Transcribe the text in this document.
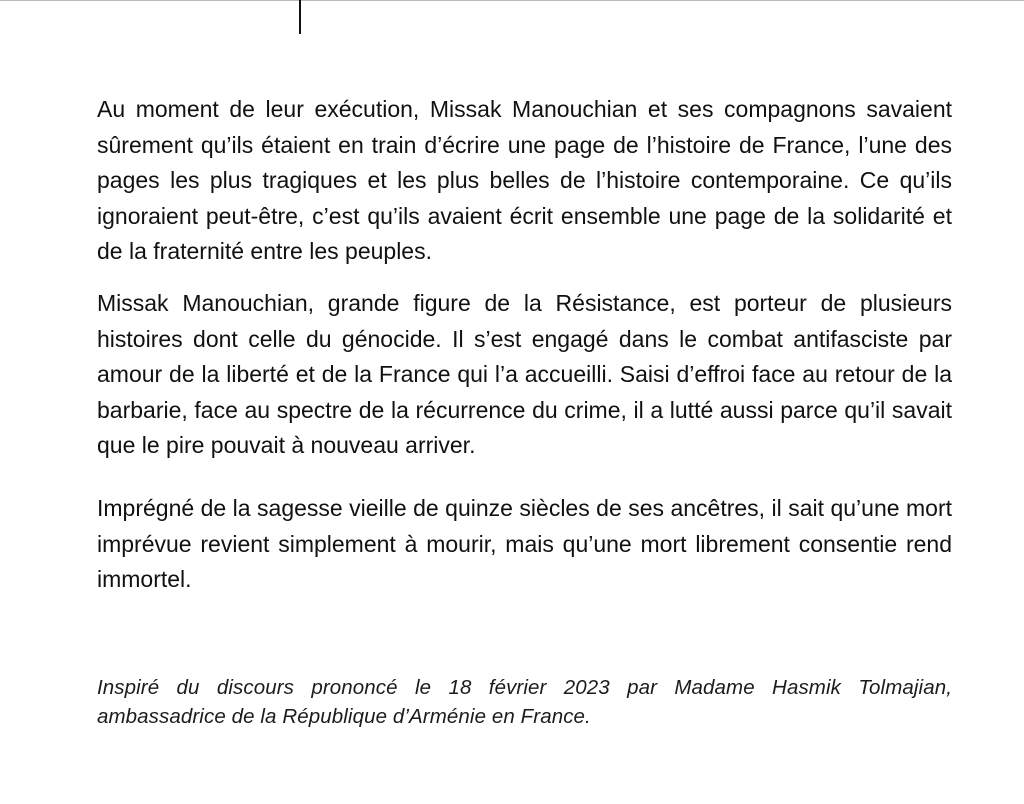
Au moment de leur exécution, Missak Manouchian et ses compagnons savaient sûrement qu’ils étaient en train d’écrire une page de l’histoire de France, l’une des pages les plus tragiques et les plus belles de l’histoire contemporaine. Ce qu’ils ignoraient peut-être, c’est qu’ils avaient écrit ensemble une page de la solidarité et de la fraternité entre les peuples.

Missak Manouchian, grande figure de la Résistance, est porteur de plusieurs histoires dont celle du génocide. Il s’est engagé dans le combat antifasciste par amour de la liberté et de la France qui l’a accueilli. Saisi d’effroi face au retour de la barbarie, face au spectre de la récurrence du crime, il a lutté aussi parce qu’il savait que le pire pouvait à nouveau arriver.

Imprégné de la sagesse vieille de quinze siècles de ses ancêtres, il sait qu’une mort imprévue revient simplement à mourir, mais qu’une mort librement consentie rend immortel.

Inspiré du discours prononcé le 18 février 2023 par Madame Hasmik Tolmajian, ambassadrice de la République d’Arménie en France.
